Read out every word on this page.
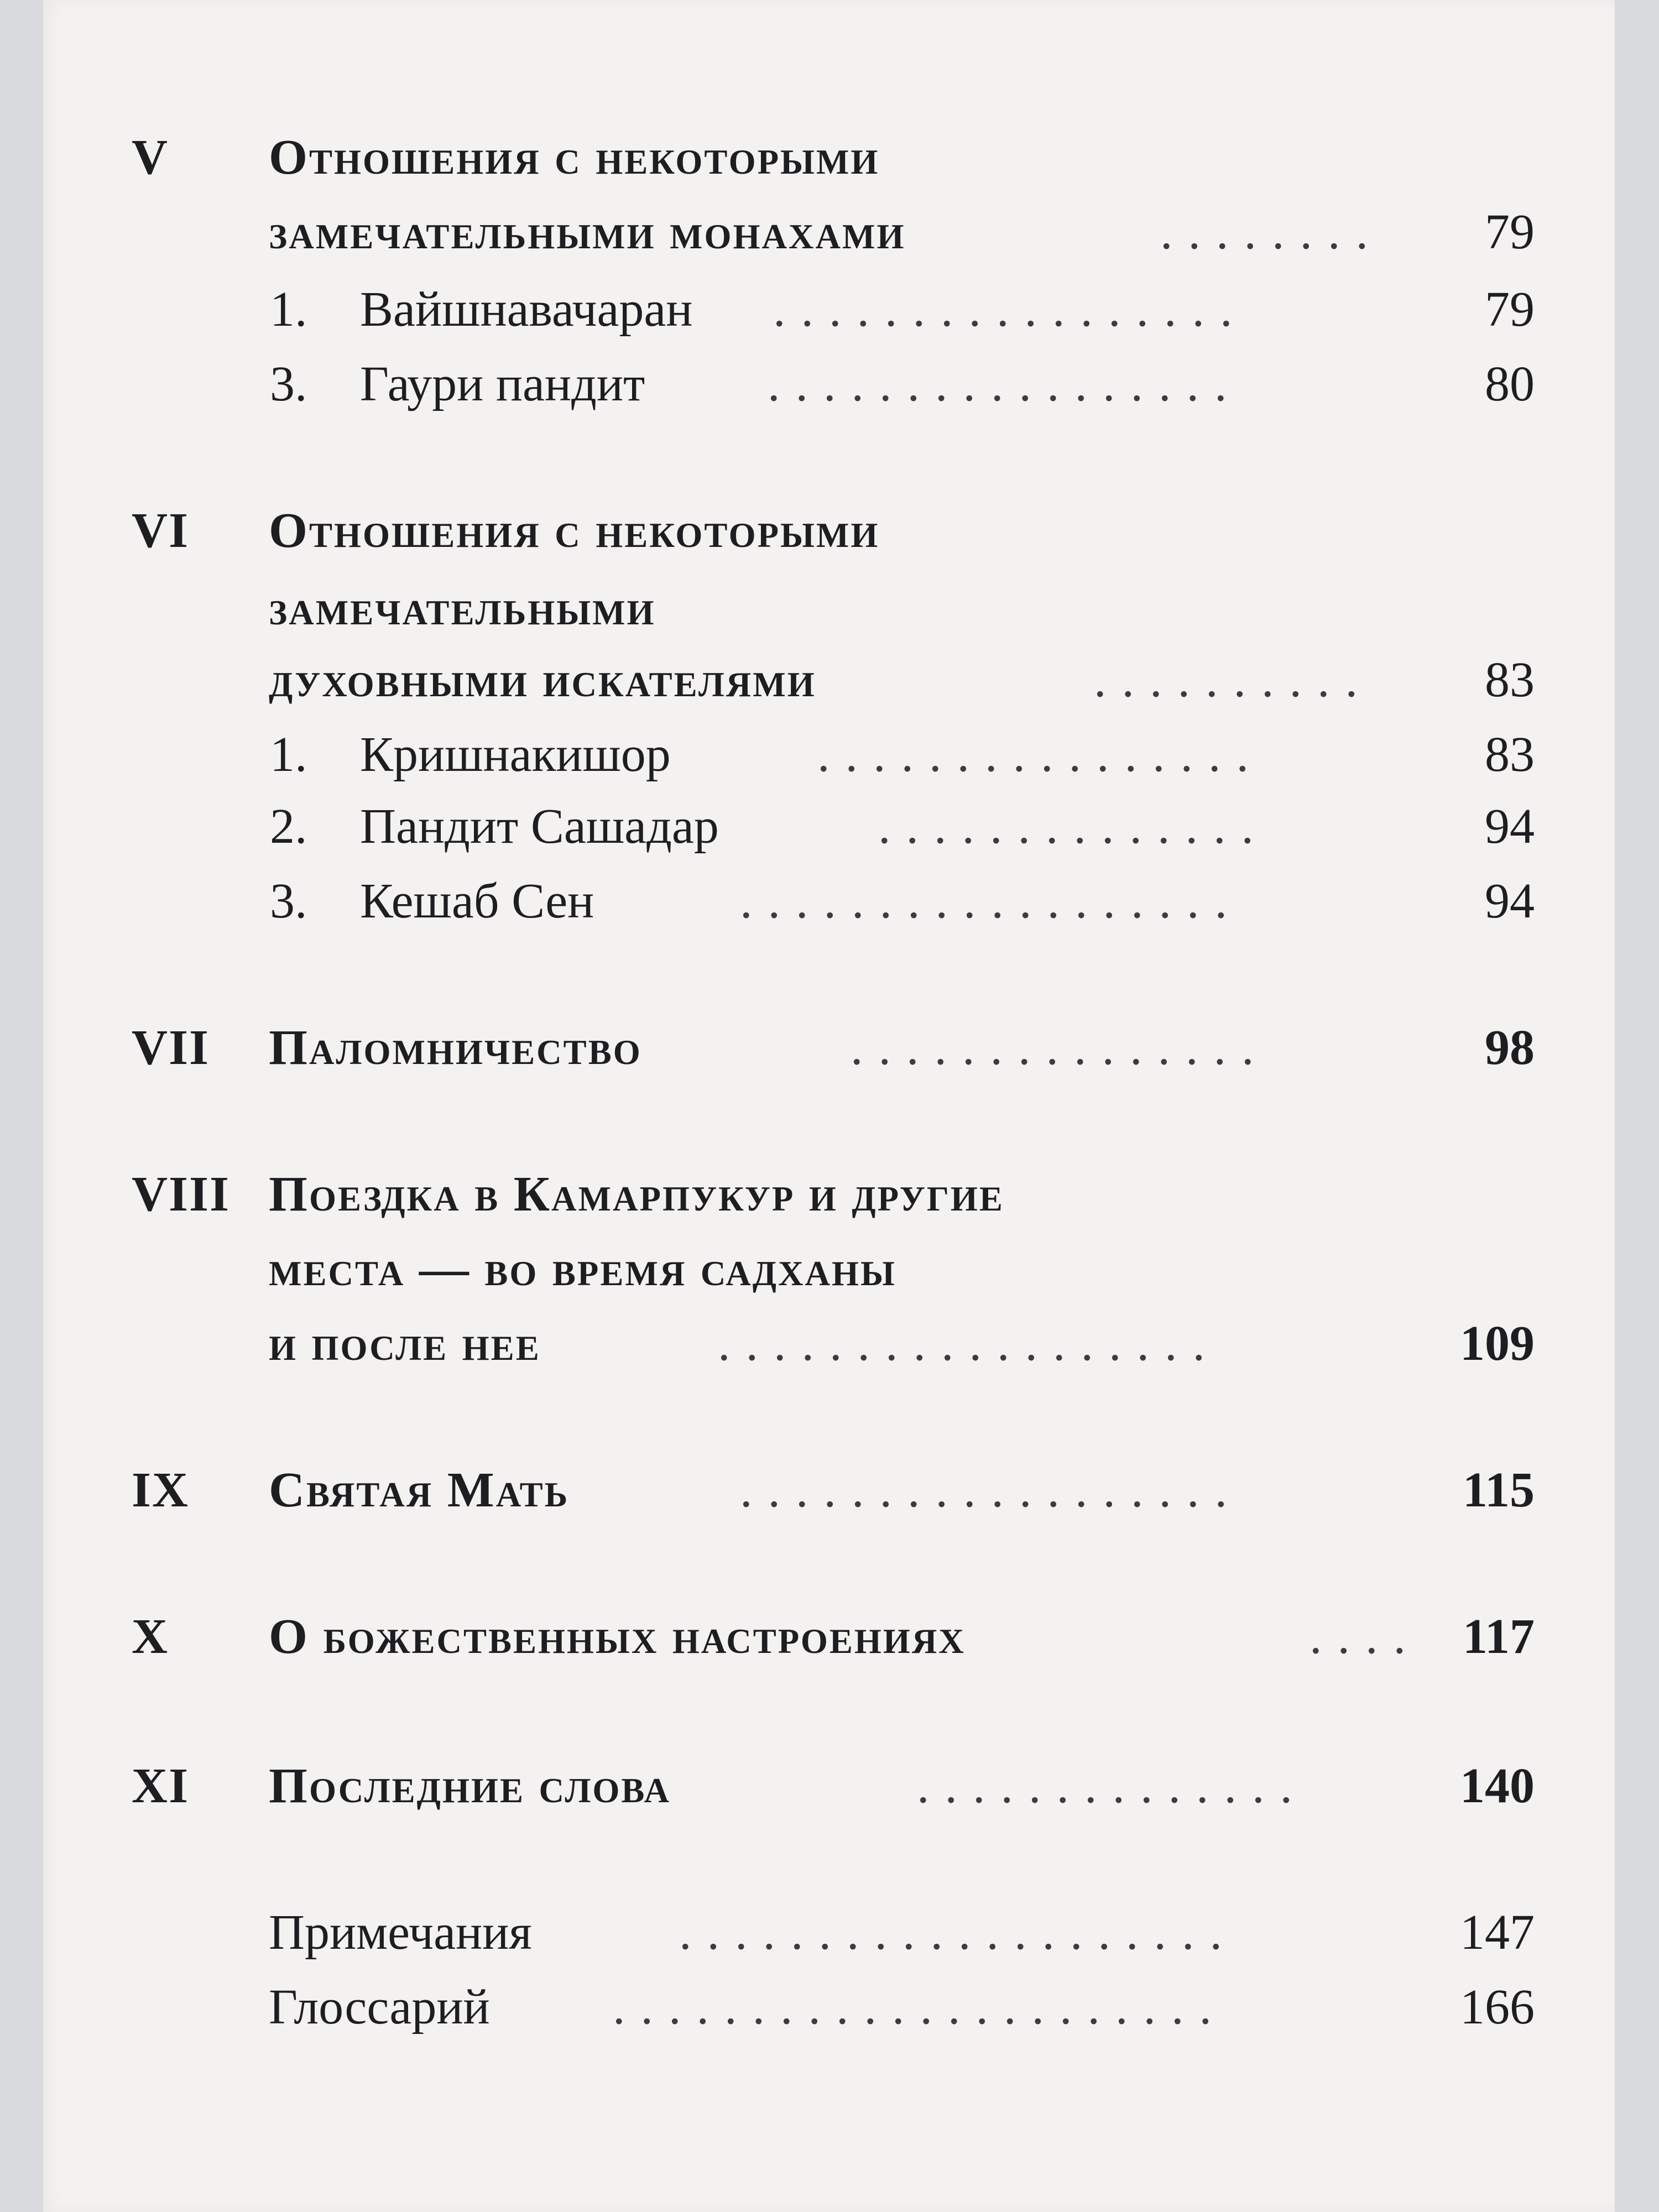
V	Отношения с некоторыми
замечательными монахами	........	79
1.	Вайшнавачаран .................	79
3.	Гаури пандит .................	80
VI	Отношения с некоторыми
замечательными
духовными искателями	..........	83
1.	Кришнакишор	................	83
2.	Пандит Сашадар	..............	94
3.	Кешаб Сен	..................	94
VII	Паломничество	...............	98
VIII Поездка в Камарпукур и другие
места — во время садханы
и после нее	..................	109
IX	Святая Мать	..................	115
X	О божественных настроениях	.... 117
XI	Последние слова	..............	140
Примечания	....................	147
Глоссарий ......................	166
